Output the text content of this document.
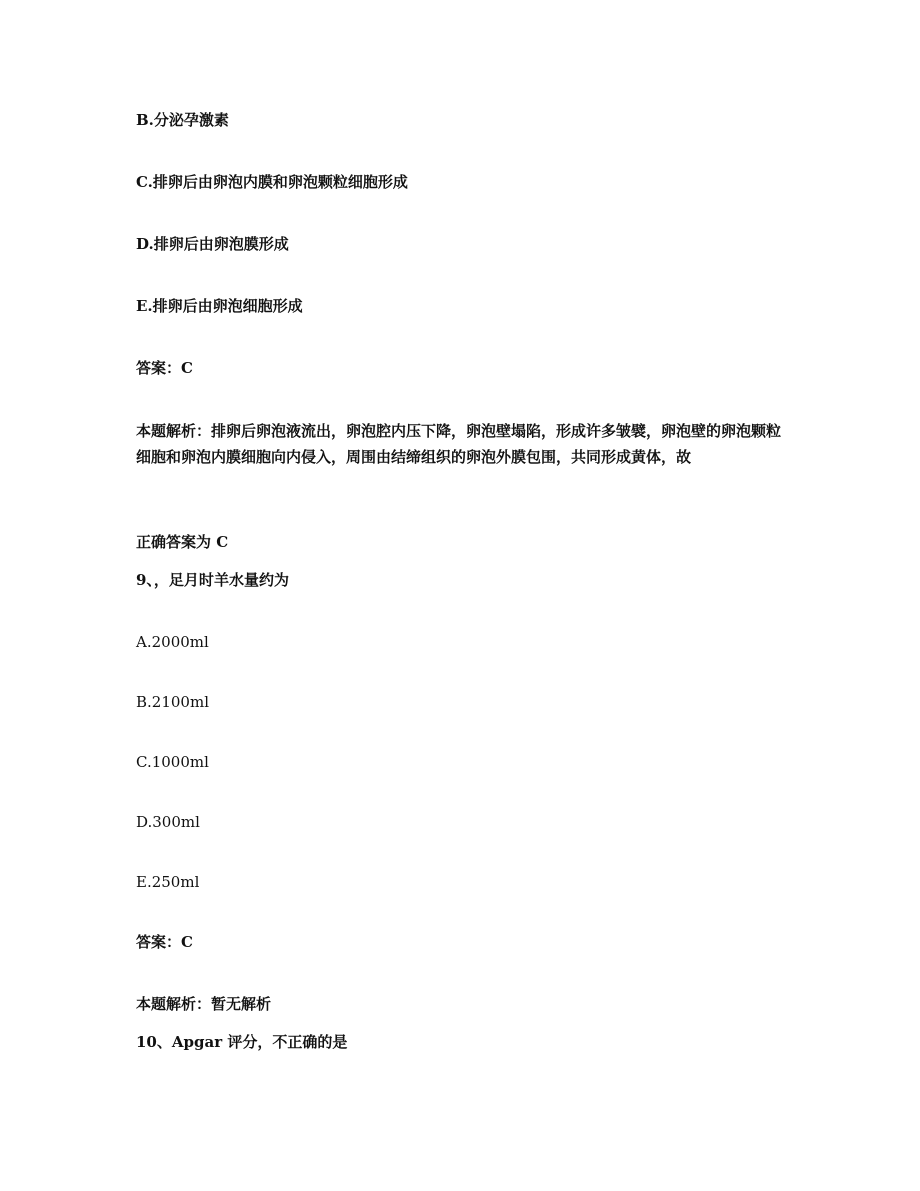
B.分泌孕激素
C.排卵后由卵泡内膜和卵泡颗粒细胞形成
D.排卵后由卵泡膜形成
E.排卵后由卵泡细胞形成
答案：C
本题解析：排卵后卵泡液流出，卵泡腔内压下降，卵泡壁塌陷，形成许多皱襞，卵泡壁的卵泡颗粒细胞和卵泡内膜细胞向内侵入，周围由结缔组织的卵泡外膜包围，共同形成黄体，故
正确答案为 C
9、，足月时羊水量约为
A.2000ml
B.2100ml
C.1000ml
D.300ml
E.250ml
答案：C
本题解析：暂无解析
10、Apgar 评分，不正确的是
